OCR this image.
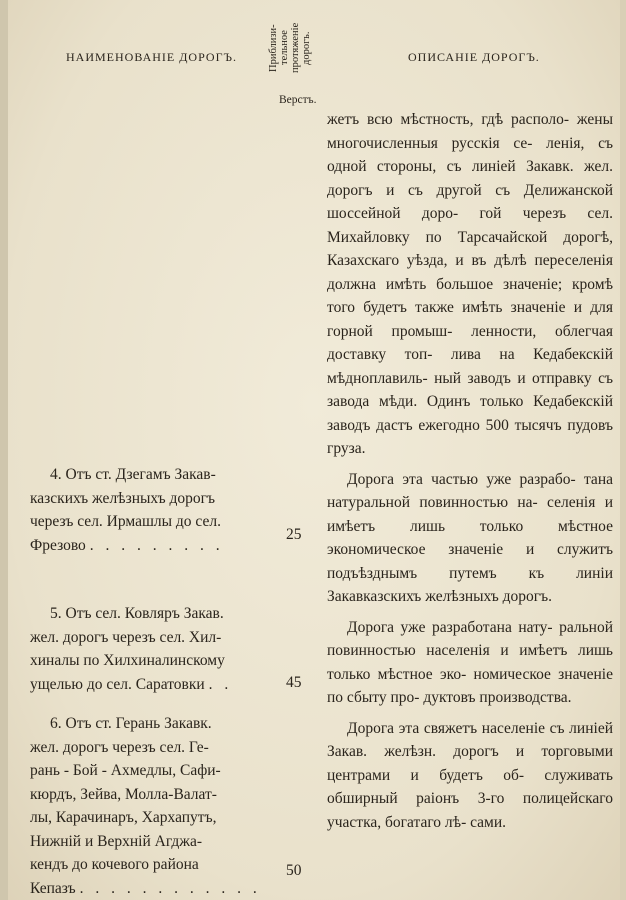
НАИМЕНОВАНІЕ ДОРОГЪ.	Приблизи- тельное протяженіе дорогъ.
Верстъ.
ОПИСАНІЕ ДОРОГЪ.
4. Отъ ст. Дзегамъ Закав-
казскихъ желѣзныхъ дорогъ
черезъ сел. Ирмашлы до сел.
Фрезово . . . . . . . . .
25
5. Отъ сел. Ковляръ Закав.
жел. дорогъ черезъ сел. Хил-
хиналы по Хилхиналинскому
ущелью до сел. Саратовки . .	45
6. Отъ ст. Герань Закавк.
жел. дорогъ черезъ сел. Ге-
рань - Бой - Ахмедлы, Сафи-
кюрдъ, Зейва, Молла-Валат-
лы, Карачинаръ, Хархапутъ,
Нижній и Верхній Агджа-
кендъ до кочевого района
Кепазъ . . . . . . . . . . . .
50

жетъ всю мѣстность, гдѣ располо- жены многочисленныя русскія се- ленія, съ одной стороны, съ линіей Закавк. жел. дорогъ и съ другой съ Делижанской шоссейной доро- гой черезъ сел. Михайловку по Тарсачайской дорогѣ, Казахскаго уѣзда, и въ дѣлѣ переселенія должна имѣть большое значеніе; кромѣ того будетъ также имѣть значеніе и для горной промыш- ленности, облегчая доставку топ- лива на Кедабекскій мѣдноплавиль- ный заводъ и отправку съ завода мѣди. Одинъ только Кедабекскій заводъ дастъ ежегодно 500 тысячъ пудовъ груза.

Дорога эта частью уже разрабо- тана натуральной повинностью на- селенія и имѣетъ лишь только мѣстное экономическое значеніе и служитъ подъѣзднымъ путемъ къ линіи Закавказскихъ желѣзныхъ дорогъ.

Дорога уже разработана нату- ральной повинностью населенія и имѣетъ лишь только мѣстное эко- номическое значеніе по сбыту про- дуктовъ производства.

Дорога эта свяжетъ населеніе съ линіей Закав. желѣзн. дорогъ и торговыми центрами и будетъ об- служивать обширный раіонъ 3-го полицейскаго участка, богатаго лѣ- сами.
